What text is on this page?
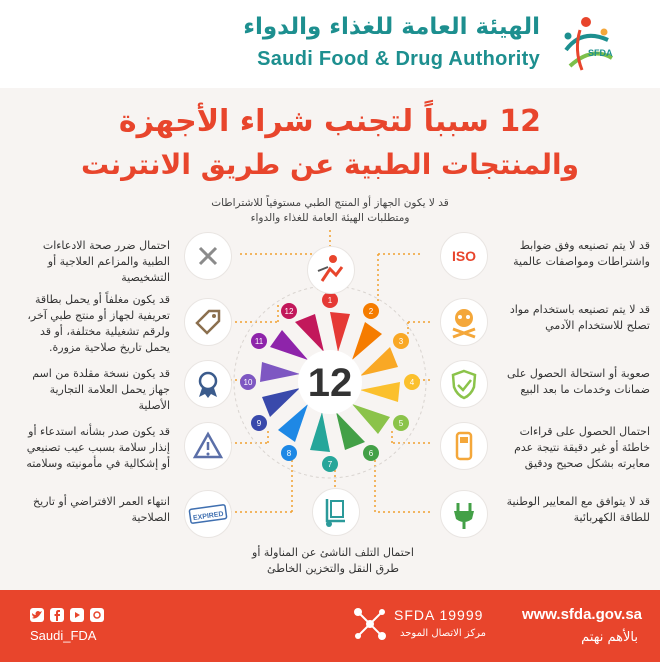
الهيئة العامة للغذاء والدواء
Saudi Food & Drug Authority	SFDA
12 سبباً لتجنب شراء الأجهزة
والمنتجات الطبية عن طريق الانترنت
قد لا يكون الجهاز أو المنتج الطبي مستوفياً للاشتراطات ومتطلبات الهيئة العامة للغذاء والدواء
12
1
2
3
4
5
6
7
8
9
10
11
12
قد لا يتم تصنيعه وفق ضوابط واشتراطات ومواصفات عالمية
ISO
قد لا يتم تصنيعه باستخدام مواد تصلح للاستخدام الآدمي
صعوبة أو استحالة الحصول على ضمانات وخدمات ما بعد البيع
احتمال الحصول على قراءات خاطئة أو غير دقيقة نتيجة عدم معايرته بشكل صحيح ودقيق
قد لا يتوافق مع المعايير الوطنية للطاقة الكهربائية
احتمال ضرر صحة الادعاءات الطبية والمزاعم العلاجية أو التشخيصية
قد يكون مغلفاً أو يحمل بطاقة تعريفية لجهاز أو منتج طبي آخر، ولرقم تشغيلية مختلفة، أو قد يحمل تاريخ صلاحية مزورة.
قد يكون نسخة مقلدة من اسم جهاز يحمل العلامة التجارية الأصلية
قد يكون صدر بشأنه استدعاء أو إنذار سلامة بسبب عيب تصنيعي أو إشكالية في مأمونيته وسلامته
انتهاء العمر الافتراضي أو تاريخ الصلاحية	EXPIRED
احتمال التلف الناشئ عن المناولة أو طرق النقل والتخزين الخاطئ
www.sfda.gov.sa
بالأهم نهتم
SFDA 19999
مركز الاتصال الموحد
Saudi_FDA
